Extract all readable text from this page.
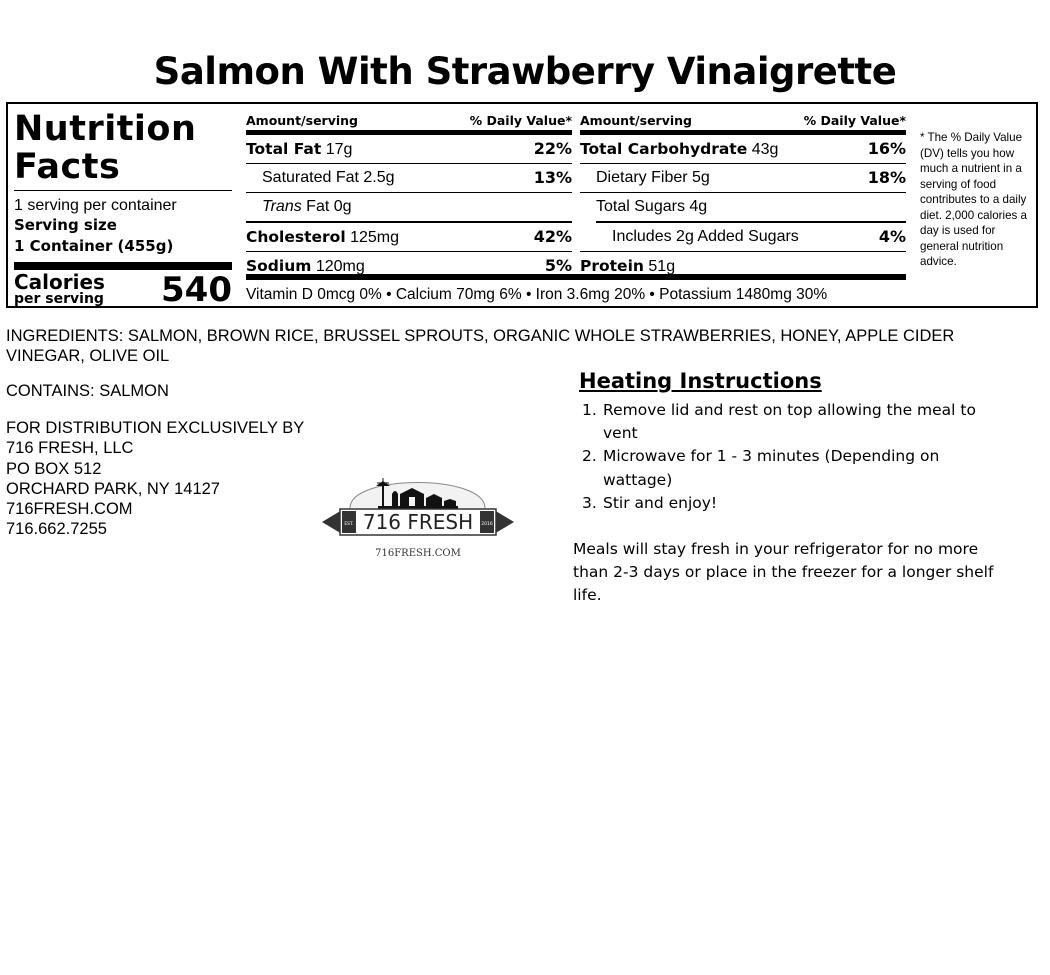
Salmon With Strawberry Vinaigrette
Nutrition
Facts
1 serving per container
Serving size
1 Container (455g)
Calories
per serving 540
Amount/serving	% Daily Value*
Total Fat 17g	22%
Saturated Fat 2.5g	13%
Trans Fat 0g
Cholesterol 125mg	42%
Sodium 120mg	5%
Amount/serving	% Daily Value*
Total Carbohydrate 43g	16%
Dietary Fiber 5g	18%
Total Sugars 4g
Includes 2g Added Sugars	4%
Protein 51g
Vitamin D 0mcg 0% • Calcium 70mg 6% • Iron 3.6mg 20% • Potassium 1480mg 30%
* The % Daily Value (DV) tells you how much a nutrient in a serving of food contributes to a daily diet. 2,000 calories a day is used for general nutrition advice.
INGREDIENTS: SALMON, BROWN RICE, BRUSSEL SPROUTS, ORGANIC WHOLE STRAWBERRIES, HONEY, APPLE CIDER VINEGAR, OLIVE OIL
CONTAINS: SALMON
FOR DISTRIBUTION EXCLUSIVELY BY
716 FRESH, LLC
PO BOX 512
ORCHARD PARK, NY 14127
716FRESH.COM
716.662.7255	EST.	2016
716 FRESH
716FRESH.COM
Heating Instructions
1. Remove lid and rest on top allowing the meal to vent
2. Microwave for 1 - 3 minutes (Depending on wattage)
3. Stir and enjoy!
Meals will stay fresh in your refrigerator for no more than 2-3 days or place in the freezer for a longer shelf life.
